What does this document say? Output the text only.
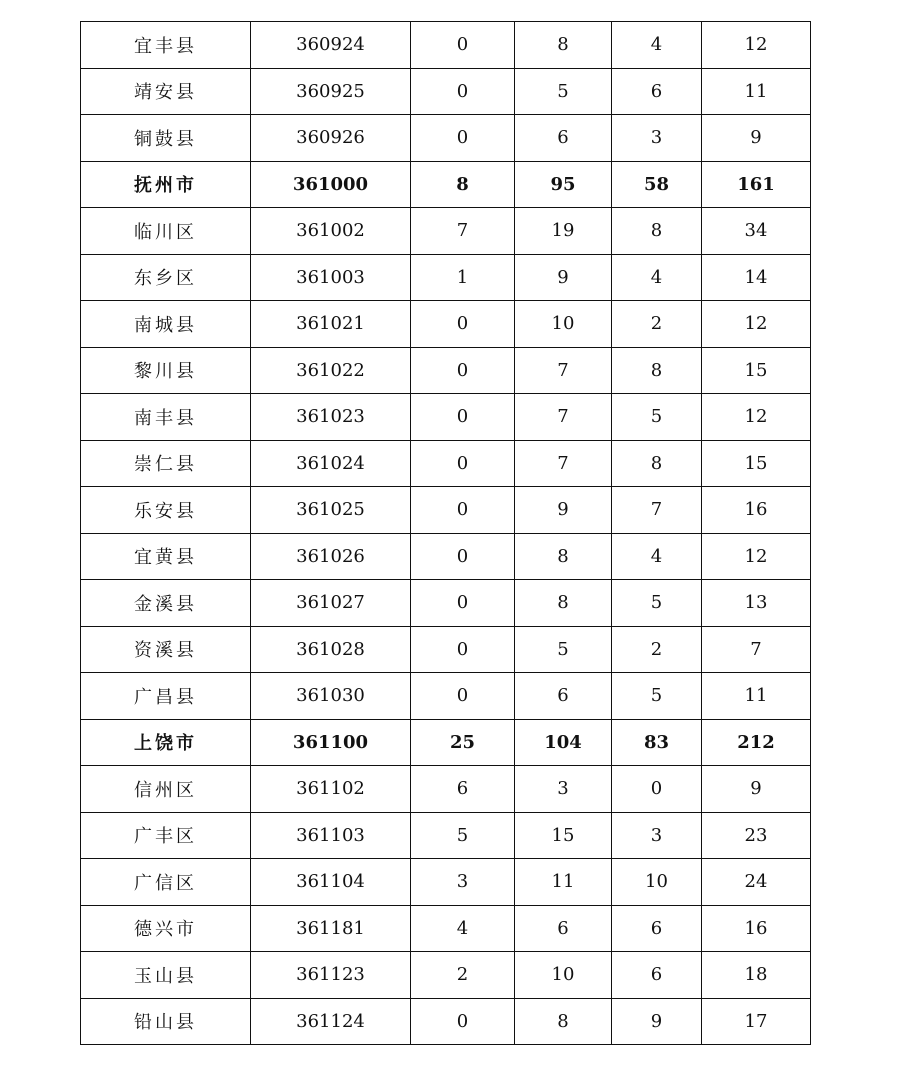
宜丰县	360924	0	8	4	12
靖安县	360925	0	5	6	11
铜鼓县	360926	0	6	3	9
抚州市	361000	8	95	58	161
临川区	361002	7	19	8	34
东乡区	361003	1	9	4	14
南城县	361021	0	10	2	12
黎川县	361022	0	7	8	15
南丰县	361023	0	7	5	12
崇仁县	361024	0	7	8	15
乐安县	361025	0	9	7	16
宜黄县	361026	0	8	4	12
金溪县	361027	0	8	5	13
资溪县	361028	0	5	2	7
广昌县	361030	0	6	5	11
上饶市	361100	25	104	83	212
信州区	361102	6	3	0	9
广丰区	361103	5	15	3	23
广信区	361104	3	11	10	24
德兴市	361181	4	6	6	16
玉山县	361123	2	10	6	18
铅山县	361124	0	8	9	17
